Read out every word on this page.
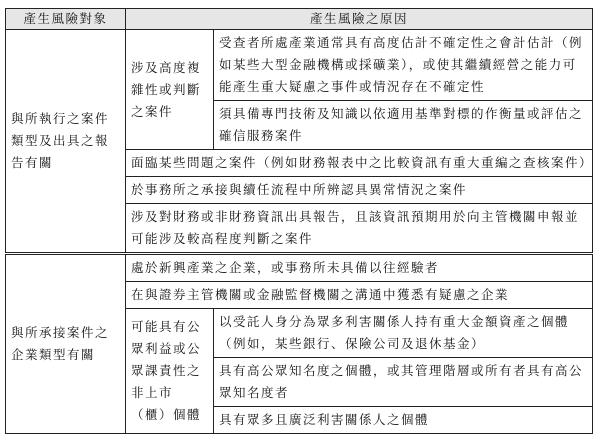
產生風險對象	產生風險之原因	
與所執行之案件類型及出具之報告有關	涉及高度複雜性或判斷之案件	受查者所處產業通常具有高度估計不確定性之會計估計（例如某些大型金融機構或採礦業），或使其繼續經營之能力可能產生重大疑慮之事件或情況存在不確定性
		須具備專門技術及知識以依適用基準對標的作衡量或評估之確信服務案件
	面臨某些問題之案件（例如財務報表中之比較資訊有重大重編之查核案件）	
	於事務所之承接與續任流程中所辨認具異常情況之案件	
	涉及對財務或非財務資訊出具報告，且該資訊預期用於向主管機關申報並可能涉及較高程度判斷之案件	
與所承接案件之企業類型有關	處於新興產業之企業，或事務所未具備以往經驗者	
	在與證券主管機關或金融監督機關之溝通中獲悉有疑慮之企業	
	可能具有公眾利益或公眾課責性之非上市（櫃）個體	以受託人身分為眾多利害關係人持有重大金額資產之個體（例如，某些銀行、保險公司及退休基金）
		具有高公眾知名度之個體，或其管理階層或所有者具有高公眾知名度者
		具有眾多且廣泛利害關係人之個體
